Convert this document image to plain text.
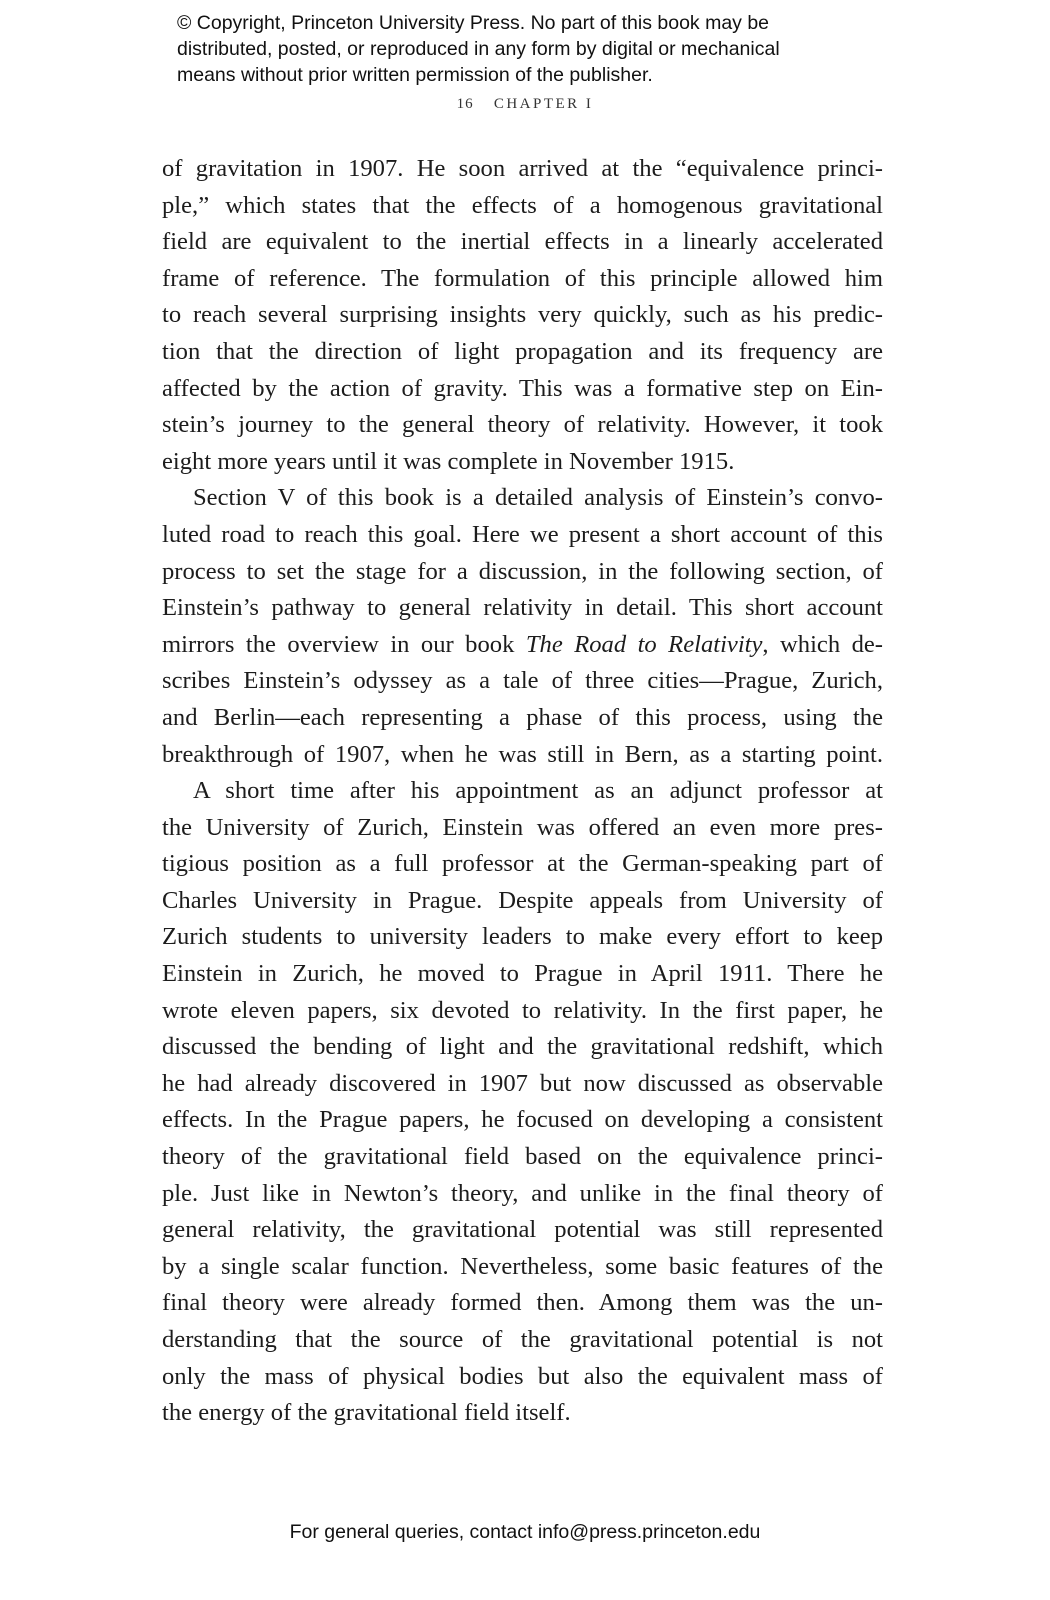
© Copyright, Princeton University Press. No part of this book may be
distributed, posted, or reproduced in any form by digital or mechanical
means without prior written permission of the publisher.
16 CHAPTER I
of gravitation in 1907. He soon arrived at the “equivalence princi-
ple,” which states that the effects of a homogenous gravitational
field are equivalent to the inertial effects in a linearly accelerated
frame of reference. The formulation of this principle allowed him
to reach several surprising insights very quickly, such as his predic-
tion that the direction of light propagation and its frequency are
affected by the action of gravity. This was a formative step on Ein-
stein’s journey to the general theory of relativity. However, it took
eight more years until it was complete in November 1915.
Section V of this book is a detailed analysis of Einstein’s convo-
luted road to reach this goal. Here we present a short account of this
process to set the stage for a discussion, in the following section, of
Einstein’s pathway to general relativity in detail. This short account
mirrors the overview in our book The Road to Relativity, which de-
scribes Einstein’s odyssey as a tale of three cities—Prague, Zurich,
and Berlin—each representing a phase of this process, using the
breakthrough of 1907, when he was still in Bern, as a starting point.
A short time after his appointment as an adjunct professor at
the University of Zurich, Einstein was offered an even more pres-
tigious position as a full professor at the German-speaking part of
Charles University in Prague. Despite appeals from University of
Zurich students to university leaders to make every effort to keep
Einstein in Zurich, he moved to Prague in April 1911. There he
wrote eleven papers, six devoted to relativity. In the first paper, he
discussed the bending of light and the gravitational redshift, which
he had already discovered in 1907 but now discussed as observable
effects. In the Prague papers, he focused on developing a consistent
theory of the gravitational field based on the equivalence princi-
ple. Just like in Newton’s theory, and unlike in the final theory of
general relativity, the gravitational potential was still represented
by a single scalar function. Nevertheless, some basic features of the
final theory were already formed then. Among them was the un-
derstanding that the source of the gravitational potential is not
only the mass of physical bodies but also the equivalent mass of
the energy of the gravitational field itself.
For general queries, contact info@press.princeton.edu
